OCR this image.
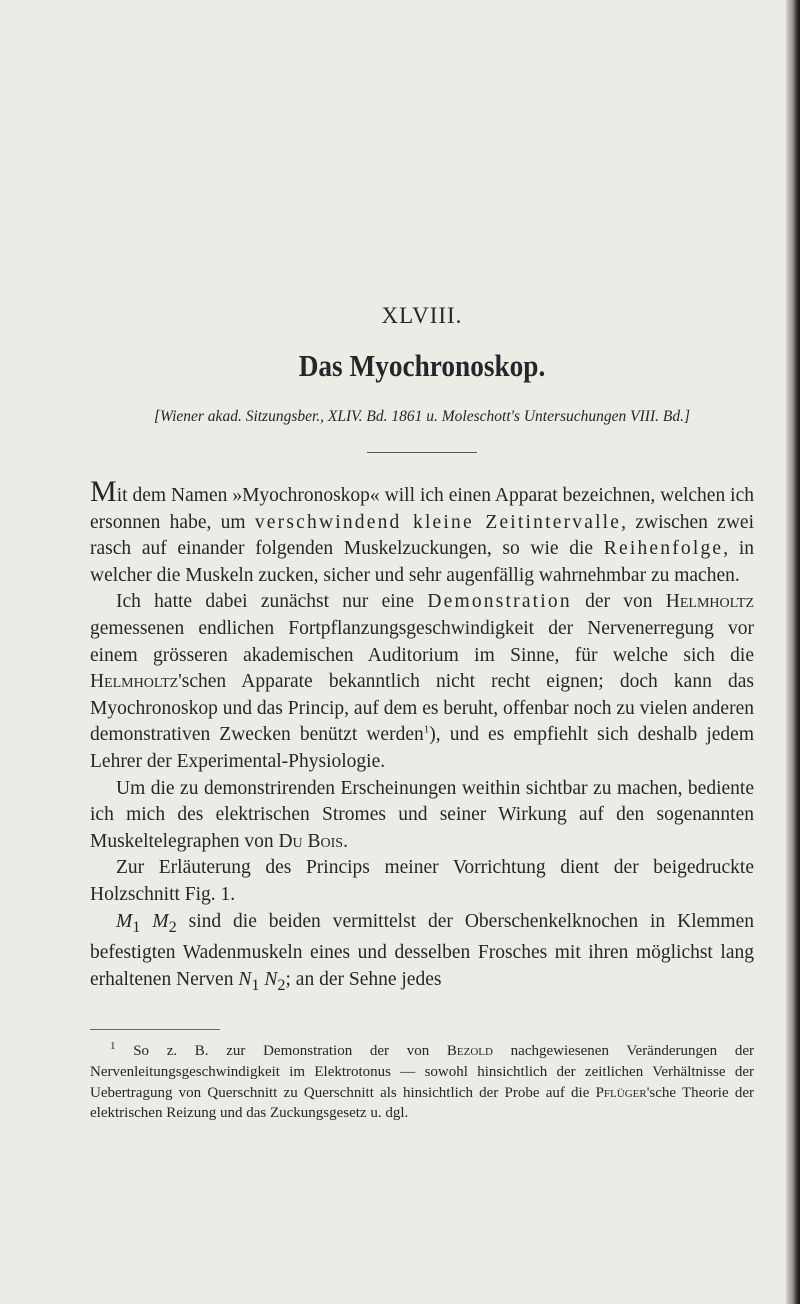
XLVIII.
Das Myochronoskop.
[Wiener akad. Sitzungsber., XLIV. Bd. 1861 u. Moleschott's Untersuchungen VIII. Bd.]

Mit dem Namen »Myochronoskop« will ich einen Apparat bezeichnen, welchen ich ersonnen habe, um verschwindend kleine Zeitintervalle, zwischen zwei rasch auf einander folgenden Muskelzuckungen, so wie die Reihenfolge, in welcher die Muskeln zucken, sicher und sehr augenfällig wahrnehmbar zu machen.

Ich hatte dabei zunächst nur eine Demonstration der von Helmholtz gemessenen endlichen Fortpflanzungsgeschwindigkeit der Nervenerregung vor einem grösseren akademischen Auditorium im Sinne, für welche sich die Helmholtz'schen Apparate bekanntlich nicht recht eignen; doch kann das Myochronoskop und das Princip, auf dem es beruht, offenbar noch zu vielen anderen demonstrativen Zwecken benützt werden$^1$), und es empfiehlt sich deshalb jedem Lehrer der Experimental-Physiologie.

Um die zu demonstrirenden Erscheinungen weithin sichtbar zu machen, bediente ich mich des elektrischen Stromes und seiner Wirkung auf den sogenannten Muskeltelegraphen von Du Bois.

Zur Erläuterung des Princips meiner Vorrichtung dient der beigedruckte Holzschnitt Fig. 1.

$M_1$ $M_2$ sind die beiden vermittelst der Oberschenkelknochen in Klemmen befestigten Wadenmuskeln eines und desselben Frosches mit ihren möglichst lang erhaltenen Nerven $N_1$ $N_2$; an der Sehne jedes

$^1$ So z. B. zur Demonstration der von Bezold nachgewiesenen Veränderungen der Nervenleitungsgeschwindigkeit im Elektrotonus — sowohl hinsichtlich der zeitlichen Verhältnisse der Uebertragung von Querschnitt zu Querschnitt als hinsichtlich der Probe auf die Pflüger'sche Theorie der elektrischen Reizung und das Zuckungsgesetz u. dgl.
